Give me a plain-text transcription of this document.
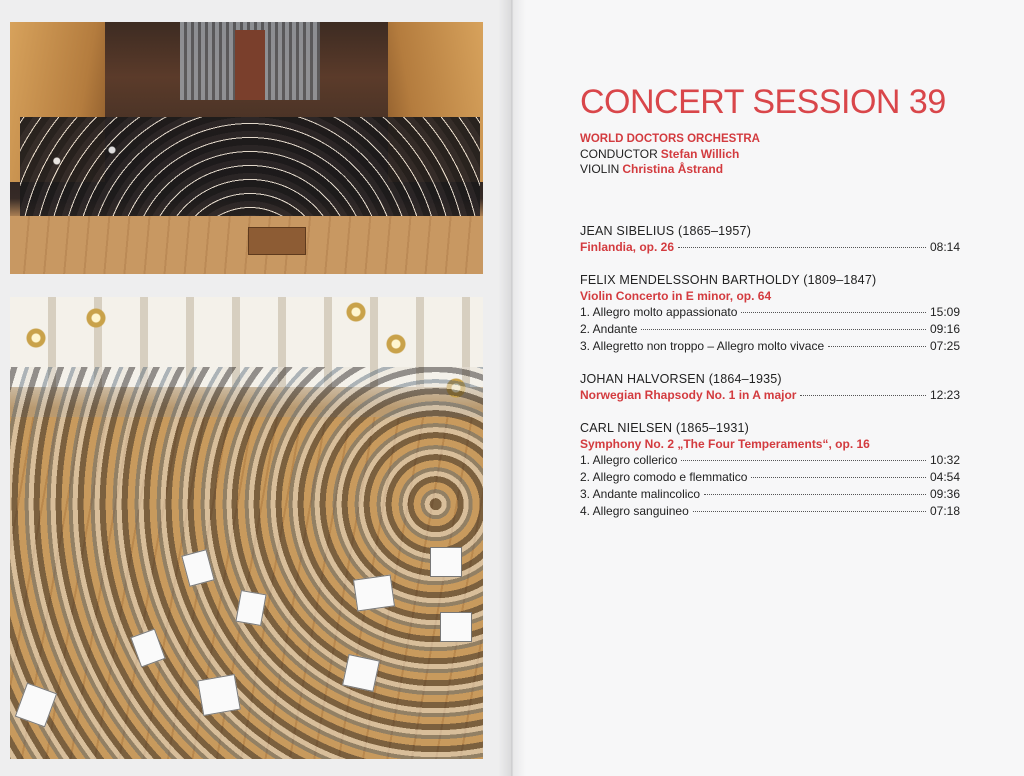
CONCERT SESSION 39
WORLD DOCTORS ORCHESTRA
CONDUCTOR Stefan Willich
VIOLIN Christina Åstrand
JEAN SIBELIUS (1865–1957)
Finlandia, op. 26	08:14
FELIX MENDELSSOHN BARTHOLDY (1809–1847)
Violin Concerto in E minor, op. 64
1. Allegro molto appassionato	15:09
2. Andante	09:16
3. Allegretto non troppo – Allegro molto vivace	07:25
JOHAN HALVORSEN (1864–1935)
Norwegian Rhapsody No. 1 in A major	12:23
CARL NIELSEN (1865–1931)
Symphony No. 2 „The Four Temperaments“, op. 16
1. Allegro collerico	10:32
2. Allegro comodo e flemmatico	04:54
3. Andante malincolico	09:36
4. Allegro sanguineo	07:18
